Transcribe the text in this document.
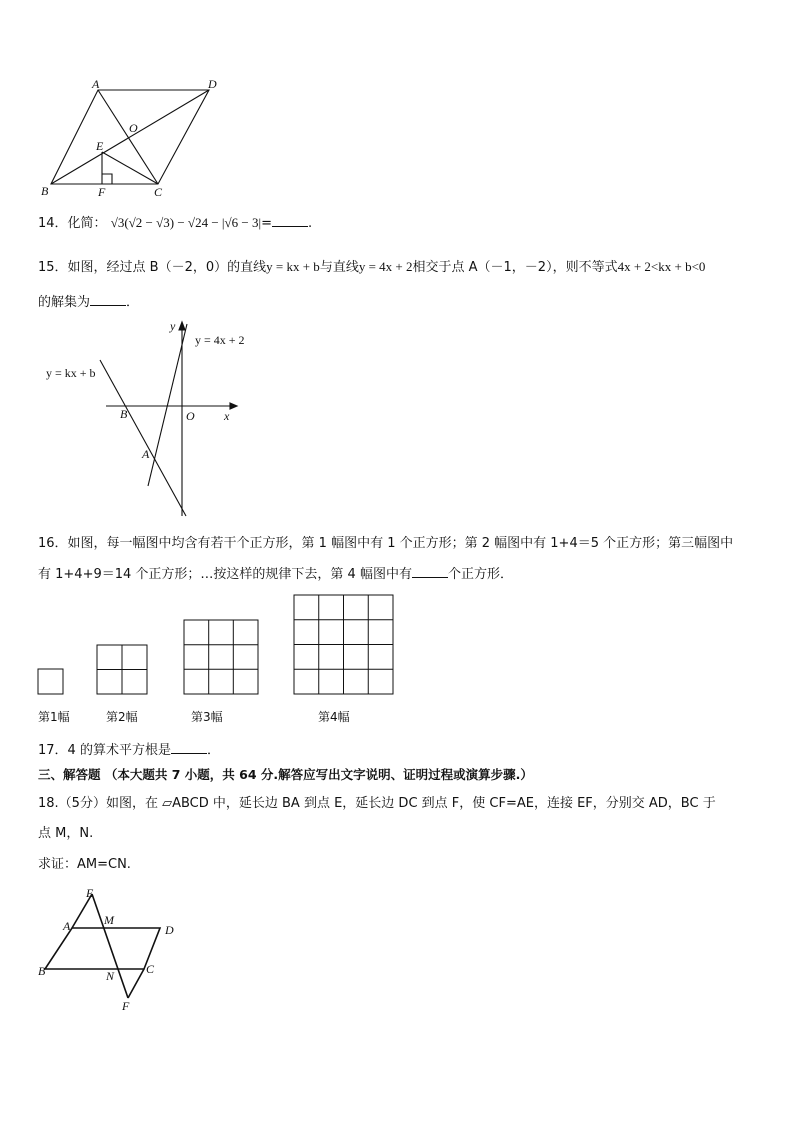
A	D
O
E
B	F	C
14．化简： √3(√2 − √3) − √24 − |√6 − 3|=	.
15．如图，经过点 B（－2，0）的直线y = kx + b与直线y = 4x + 2相交于点 A（－1，－2），则不等式4x + 2<kx + b<0
的解集为	．
y
x
O
B
A
y = 4x + 2
y = kx + b
16．如图，每一幅图中均含有若干个正方形，第 1 幅图中有 1 个正方形；第 2 幅图中有 1+4＝5 个正方形；第三幅图中
有 1+4+9＝14 个正方形；…按这样的规律下去，第 4 幅图中有	个正方形．
第1幅	第2幅	第3幅	第4幅
17．4 的算术平方根是	．
三、解答题 （本大题共 7 小题，共 64 分.解答应写出文字说明、证明过程或演算步骤.）
18.（5分）如图，在 ▱ABCD 中，延长边 BA 到点 E，延长边 DC 到点 F，使 CF=AE，连接 EF，分别交 AD，BC 于
点 M，N.
求证：AM=CN.
E
A	M
D
B	N	C
F
